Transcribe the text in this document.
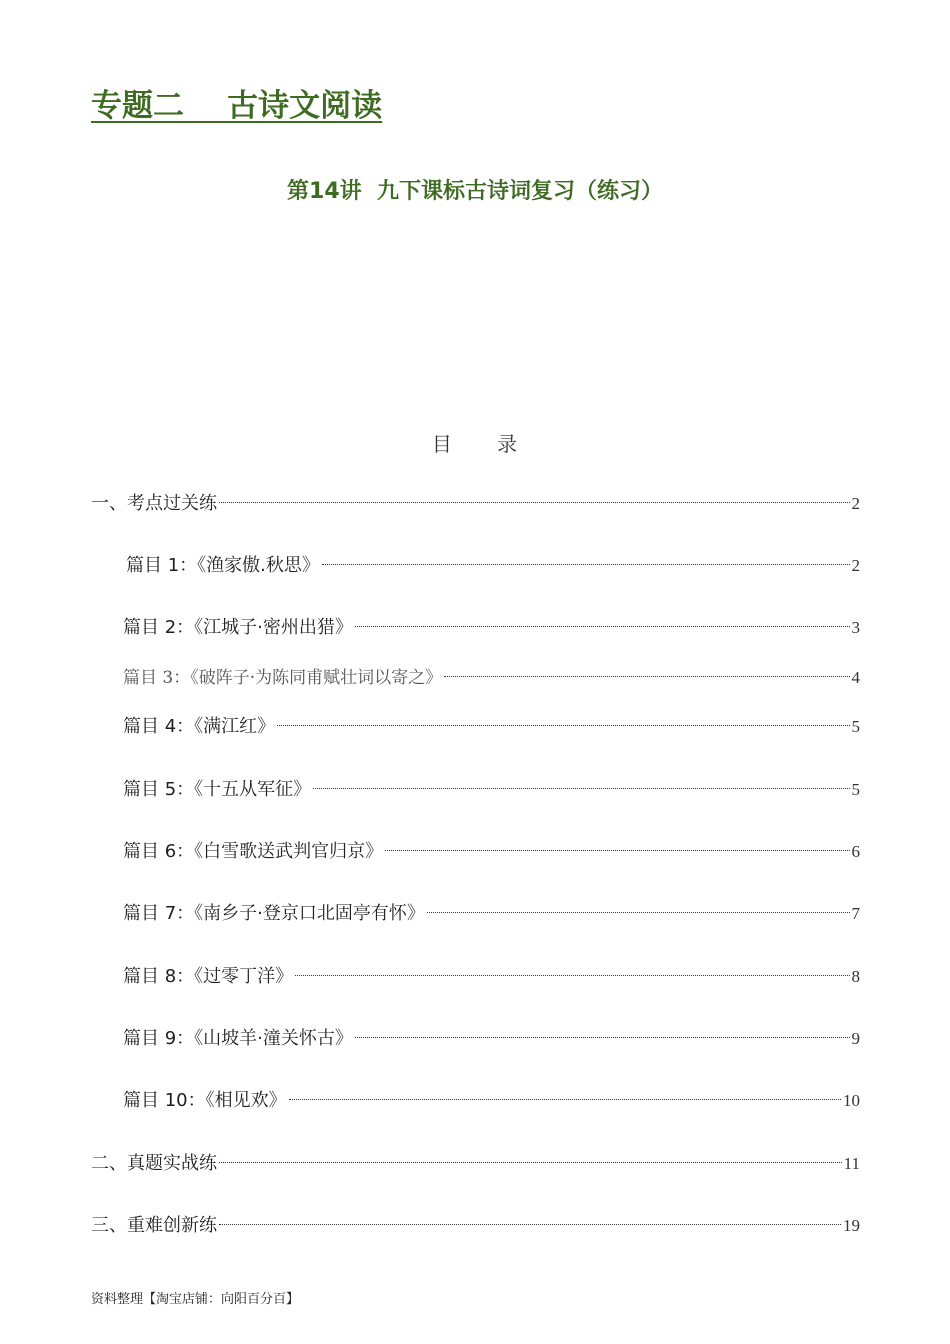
专题二    古诗文阅读
第14讲  九下课标古诗词复习（练习）
目      录
一、考点过关练	2
篇目 1：《渔家傲.秋思》	2
篇目 2：《江城子·密州出猎》	3
篇目 3：《破阵子·为陈同甫赋壮词以寄之》	4
篇目 4：《满江红》	5
篇目 5：《十五从军征》	5
篇目 6：《白雪歌送武判官归京》	6
篇目 7：《南乡子·登京口北固亭有怀》	7
篇目 8：《过零丁洋》	8
篇目 9：《山坡羊·潼关怀古》	9
篇目 10：《相见欢》	10
二、真题实战练	11
三、重难创新练	19
资料整理【淘宝店铺：向阳百分百】
